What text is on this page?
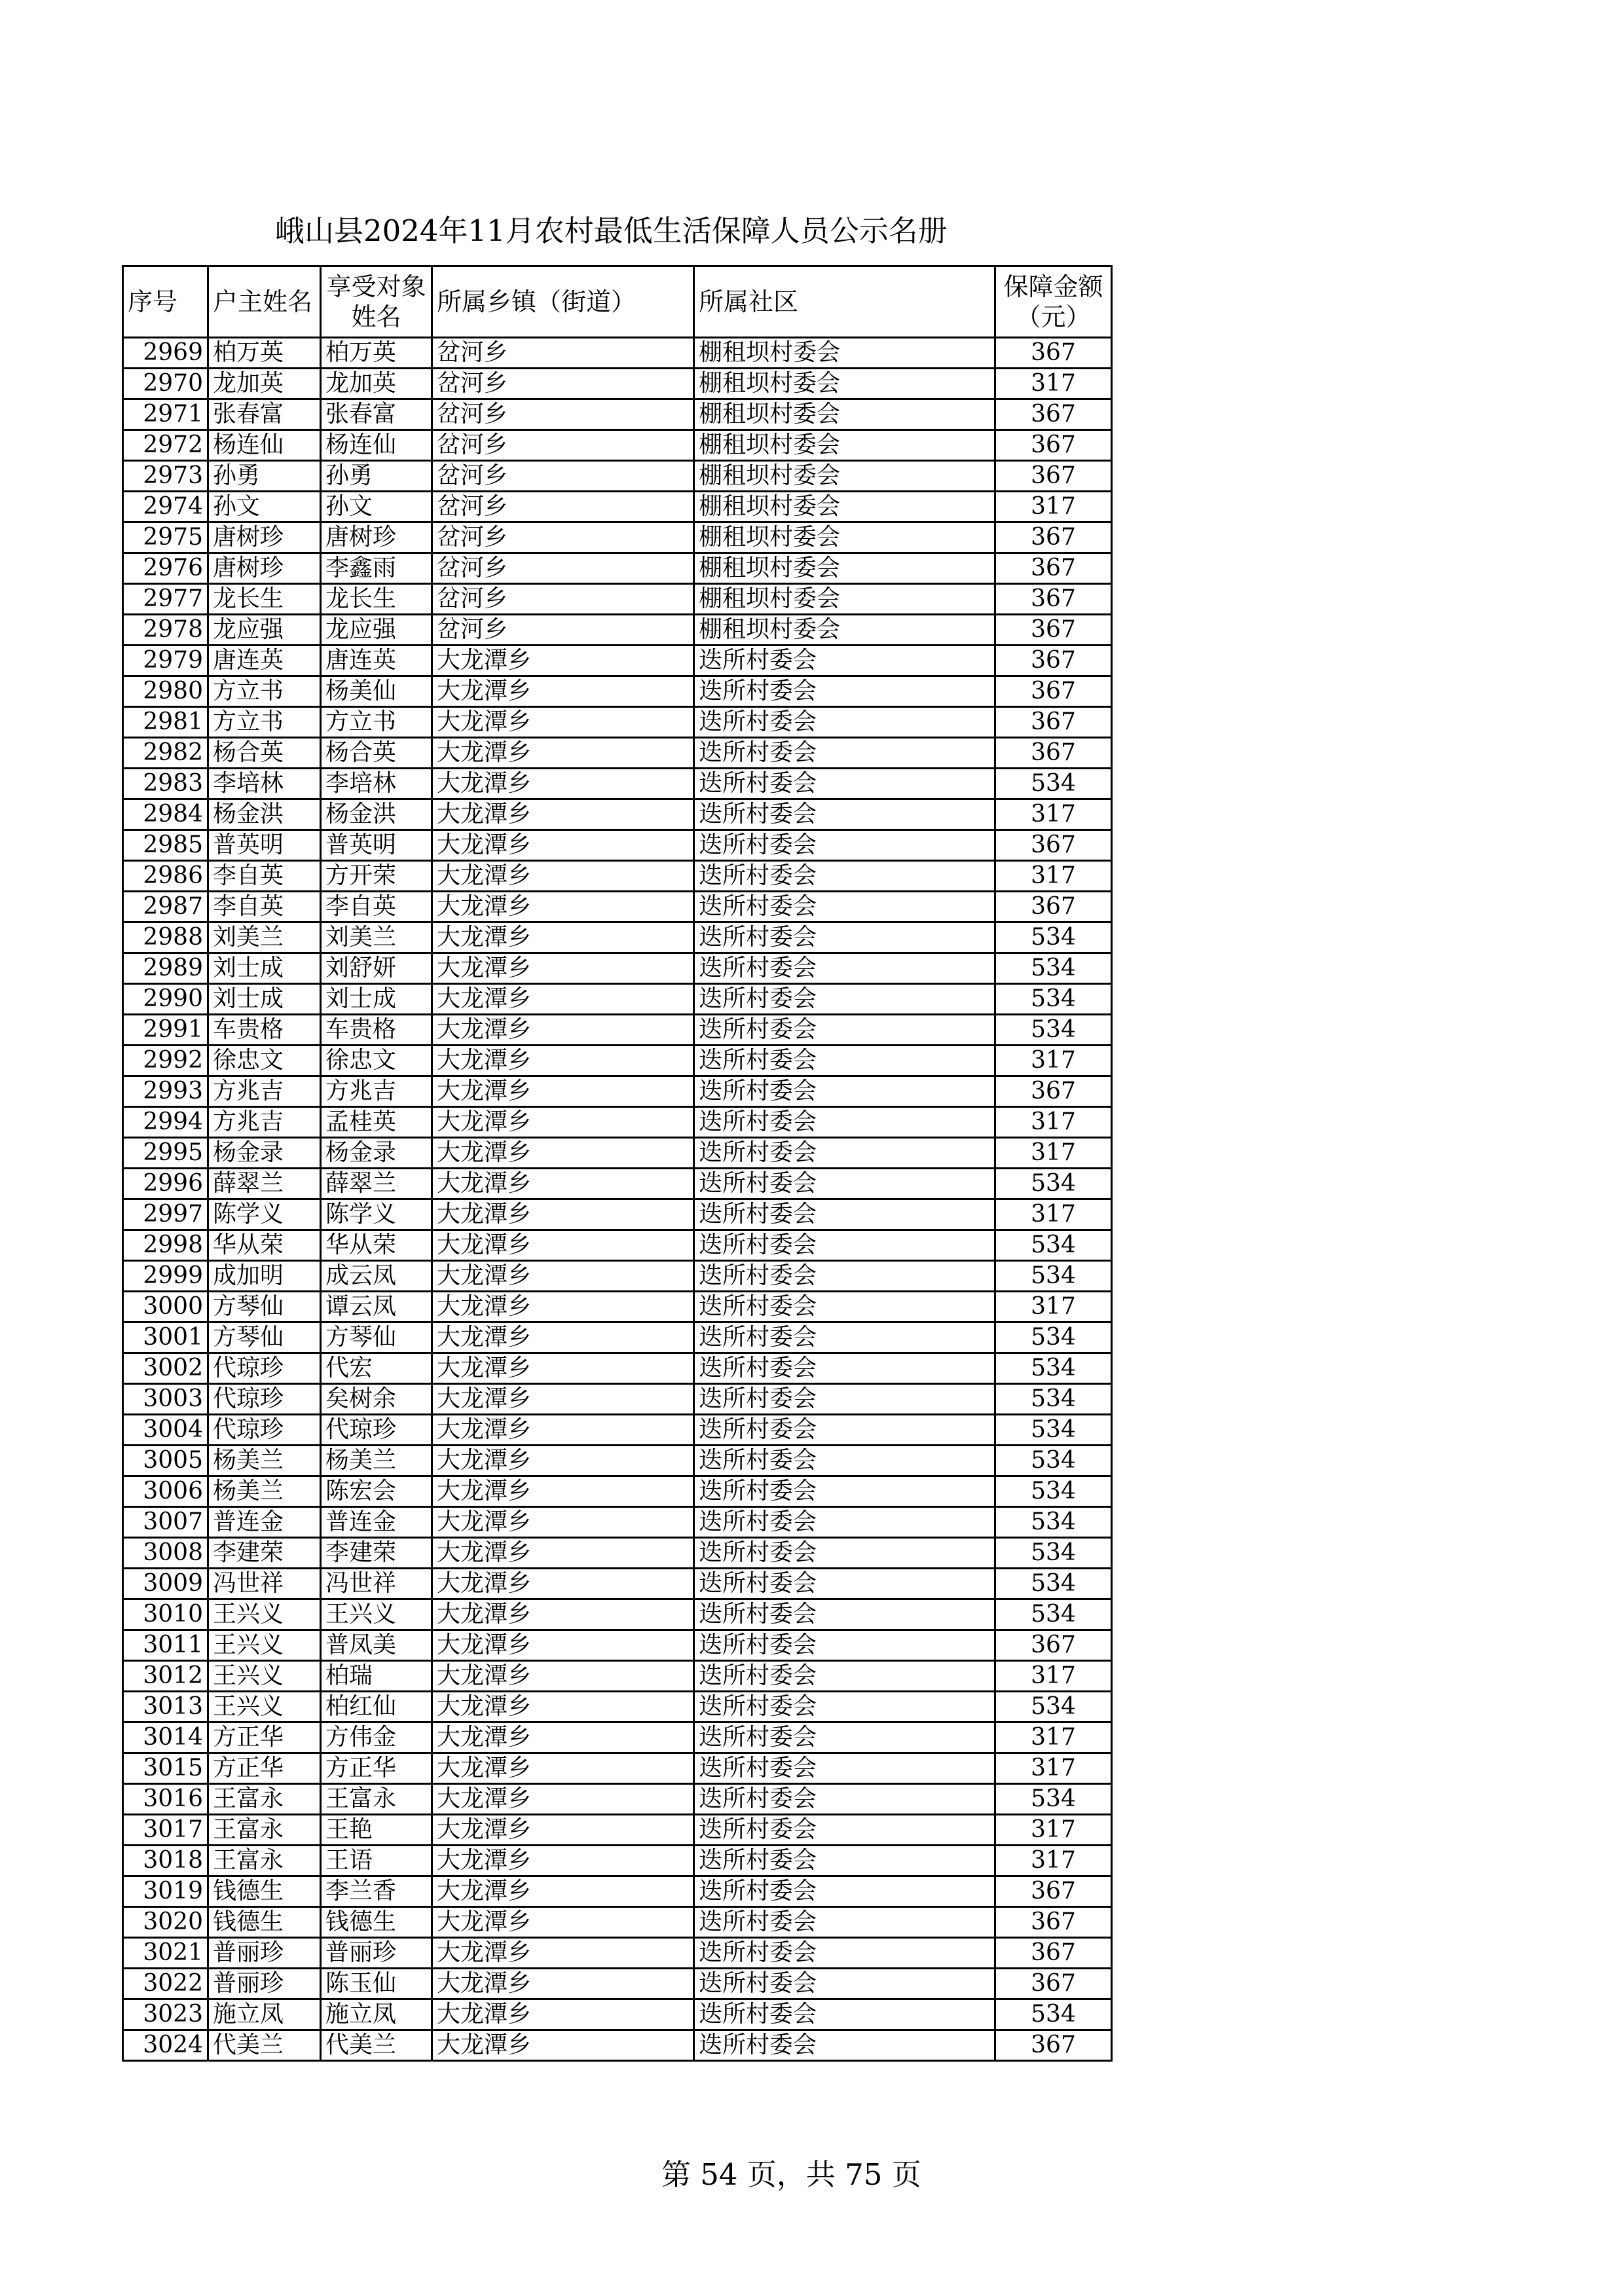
峨山县2024年11月农村最低生活保障人员公示名册
序号	户主姓名	享受对象姓名	所属乡镇（街道）	所属社区	保障金额（元）
2969	柏万英	柏万英	岔河乡	棚租坝村委会	367
2970	龙加英	龙加英	岔河乡	棚租坝村委会	317
2971	张春富	张春富	岔河乡	棚租坝村委会	367
2972	杨连仙	杨连仙	岔河乡	棚租坝村委会	367
2973	孙勇	孙勇	岔河乡	棚租坝村委会	367
2974	孙文	孙文	岔河乡	棚租坝村委会	317
2975	唐树珍	唐树珍	岔河乡	棚租坝村委会	367
2976	唐树珍	李鑫雨	岔河乡	棚租坝村委会	367
2977	龙长生	龙长生	岔河乡	棚租坝村委会	367
2978	龙应强	龙应强	岔河乡	棚租坝村委会	367
2979	唐连英	唐连英	大龙潭乡	迭所村委会	367
2980	方立书	杨美仙	大龙潭乡	迭所村委会	367
2981	方立书	方立书	大龙潭乡	迭所村委会	367
2982	杨合英	杨合英	大龙潭乡	迭所村委会	367
2983	李培林	李培林	大龙潭乡	迭所村委会	534
2984	杨金洪	杨金洪	大龙潭乡	迭所村委会	317
2985	普英明	普英明	大龙潭乡	迭所村委会	367
2986	李自英	方开荣	大龙潭乡	迭所村委会	317
2987	李自英	李自英	大龙潭乡	迭所村委会	367
2988	刘美兰	刘美兰	大龙潭乡	迭所村委会	534
2989	刘士成	刘舒妍	大龙潭乡	迭所村委会	534
2990	刘士成	刘士成	大龙潭乡	迭所村委会	534
2991	车贵格	车贵格	大龙潭乡	迭所村委会	534
2992	徐忠文	徐忠文	大龙潭乡	迭所村委会	317
2993	方兆吉	方兆吉	大龙潭乡	迭所村委会	367
2994	方兆吉	孟桂英	大龙潭乡	迭所村委会	317
2995	杨金录	杨金录	大龙潭乡	迭所村委会	317
2996	薛翠兰	薛翠兰	大龙潭乡	迭所村委会	534
2997	陈学义	陈学义	大龙潭乡	迭所村委会	317
2998	华从荣	华从荣	大龙潭乡	迭所村委会	534
2999	成加明	成云凤	大龙潭乡	迭所村委会	534
3000	方琴仙	谭云凤	大龙潭乡	迭所村委会	317
3001	方琴仙	方琴仙	大龙潭乡	迭所村委会	534
3002	代琼珍	代宏	大龙潭乡	迭所村委会	534
3003	代琼珍	矣树余	大龙潭乡	迭所村委会	534
3004	代琼珍	代琼珍	大龙潭乡	迭所村委会	534
3005	杨美兰	杨美兰	大龙潭乡	迭所村委会	534
3006	杨美兰	陈宏会	大龙潭乡	迭所村委会	534
3007	普连金	普连金	大龙潭乡	迭所村委会	534
3008	李建荣	李建荣	大龙潭乡	迭所村委会	534
3009	冯世祥	冯世祥	大龙潭乡	迭所村委会	534
3010	王兴义	王兴义	大龙潭乡	迭所村委会	534
3011	王兴义	普凤美	大龙潭乡	迭所村委会	367
3012	王兴义	柏瑞	大龙潭乡	迭所村委会	317
3013	王兴义	柏红仙	大龙潭乡	迭所村委会	534
3014	方正华	方伟金	大龙潭乡	迭所村委会	317
3015	方正华	方正华	大龙潭乡	迭所村委会	317
3016	王富永	王富永	大龙潭乡	迭所村委会	534
3017	王富永	王艳	大龙潭乡	迭所村委会	317
3018	王富永	王语	大龙潭乡	迭所村委会	317
3019	钱德生	李兰香	大龙潭乡	迭所村委会	367
3020	钱德生	钱德生	大龙潭乡	迭所村委会	367
3021	普丽珍	普丽珍	大龙潭乡	迭所村委会	367
3022	普丽珍	陈玉仙	大龙潭乡	迭所村委会	367
3023	施立凤	施立凤	大龙潭乡	迭所村委会	534
3024	代美兰	代美兰	大龙潭乡	迭所村委会	367
第 54 页，共 75 页
